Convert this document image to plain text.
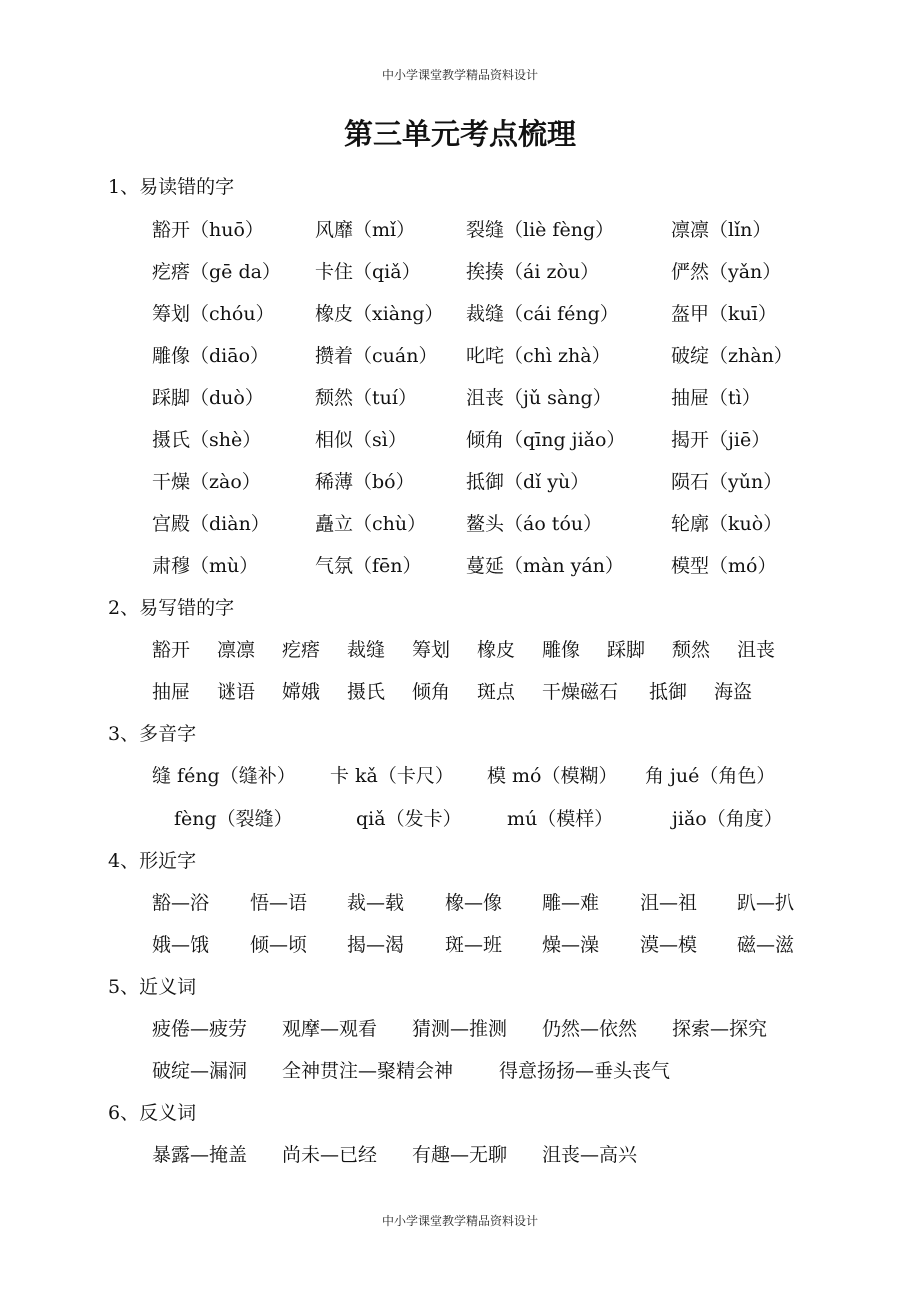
中小学课堂教学精品资料设计
第三单元考点梳理
1、易读错的字
豁开（huō）	风靡（mǐ）	裂缝（liè fèng）	凛凛（lǐn）
疙瘩（gē da） 卡住（qiǎ） 挨揍（ái zòu）	俨然（yǎn）
筹划（chóu） 橡皮（xiàng） 裁缝（cái féng）	盔甲（kuī）
雕像（diāo） 攒着（cuán） 叱咤（chì zhà）	破绽（zhàn）
踩脚（duò）	颓然（tuí）	沮丧（jǔ sàng）	抽屉（tì）
摄氏（shè）	相似（sì）	倾角（qīng jiǎo） 揭开（jiē）
干燥（zào）	稀薄（bó）	抵御（dǐ yù）	陨石（yǔn）
宫殿（diàn） 矗立（chù） 鳌头（áo tóu）	轮廓（kuò）
肃穆（mù）	气氛（fēn） 蔓延（màn yán） 模型（mó）
2、易写错的字
豁开 凛凛 疙瘩 裁缝 筹划 橡皮 雕像 踩脚 颓然 沮丧
抽屉 谜语 嫦娥 摄氏 倾角 斑点 干燥磁石 抵御 海盗
3、多音字
缝 féng（缝补） 卡 kǎ（卡尺） 模 mó（模糊） 角 jué（角色）
fèng（裂缝）	qiǎ（发卡） mú（模样）	jiǎo（角度）
4、形近字
豁—浴 悟—语 裁—载 橡—像 雕—难 沮—祖 趴—扒
娥—饿 倾—顷 揭—渴 斑—班 燥—澡 漠—模 磁—滋
5、近义词
疲倦—疲劳 观摩—观看 猜测—推测 仍然—依然 探索—探究
破绽—漏洞 全神贯注—聚精会神 得意扬扬—垂头丧气
6、反义词
暴露—掩盖 尚未—已经 有趣—无聊 沮丧—高兴
中小学课堂教学精品资料设计
